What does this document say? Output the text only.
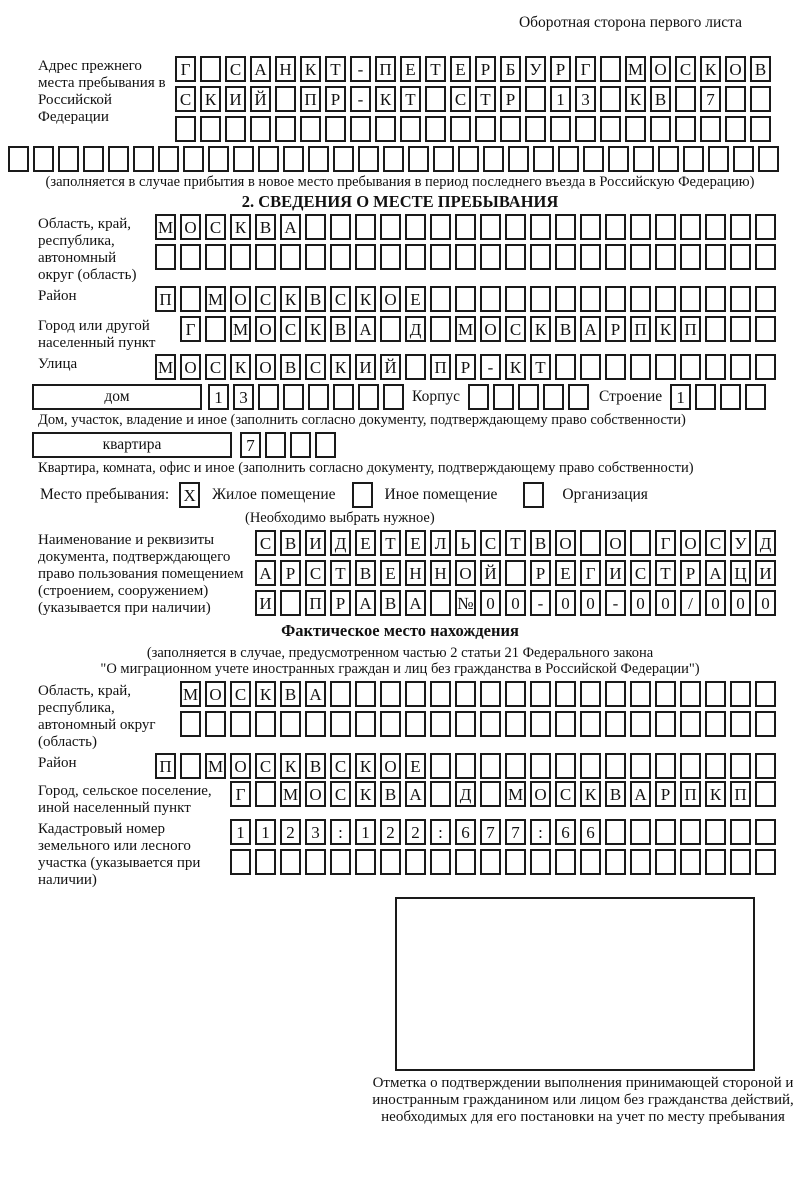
Оборотная сторона первого листа
Адрес прежнего места пребывания в Российской Федерации
Г	С А Н К Т - П Е Т Е Р Б У Р Г	М О С К О В
С К И Й П Р	- К Т	С Т Р	1 3	К В	7
(заполняется в случае прибытия в новое место пребывания в период последнего въезда в Российскую Федерацию)
2. СВЕДЕНИЯ О МЕСТЕ ПРЕБЫВАНИЯ
Область, край, республика, автономный округ (область)
М О С К В А
Район	П М О С К В С К О Е
Город или другой населенный пункт
Г	М О С К В А Д М О С К В А Р П К П
Улица	М О С К О В С К И Й П Р	- К Т
дом	1 3	Корпус	Строение 1
Дом, участок, владение и иное (заполнить согласно документу, подтверждающему право собственности)
квартира	7
Квартира, комната, офис и иное (заполнить согласно документу, подтверждающему право собственности)
Место пребывания: X Жилое помещение	Иное помещение	Организация
(Необходимо выбрать нужное)
Наименование и реквизиты документа, подтверждающего право пользования помещением (строением, сооружением) (указывается при наличии)
С В И Д Е Т Е Л Ь С Т В О О	Г О С У Д
А Р С Т В Е Н Н О Й	Р Е Г И С Т Р А Ц И
И П Р А В А № 0 0	-	0 0	-	0 0	/	0 0 0
Фактическое место нахождения
(заполняется в случае, предусмотренном частью 2 статьи 21 Федерального закона
"О миграционном учете иностранных граждан и лиц без гражданства в Российской Федерации")
Область, край, республика, автономный округ (область)
М О С К В А
Район	П М О С К В С К О Е
Город, сельское поселение, иной населенный пункт
Г	М О С К В А Д М О С К В А Р П К П
Кадастровый номер земельного или лесного участка (указывается при наличии)
1 1 2 3	:	1 2 2	:	6 7 7	:	6 6
Отметка о подтверждении выполнения принимающей стороной и иностранным гражданином или лицом без гражданства действий, необходимых для его постановки на учет по месту пребывания
